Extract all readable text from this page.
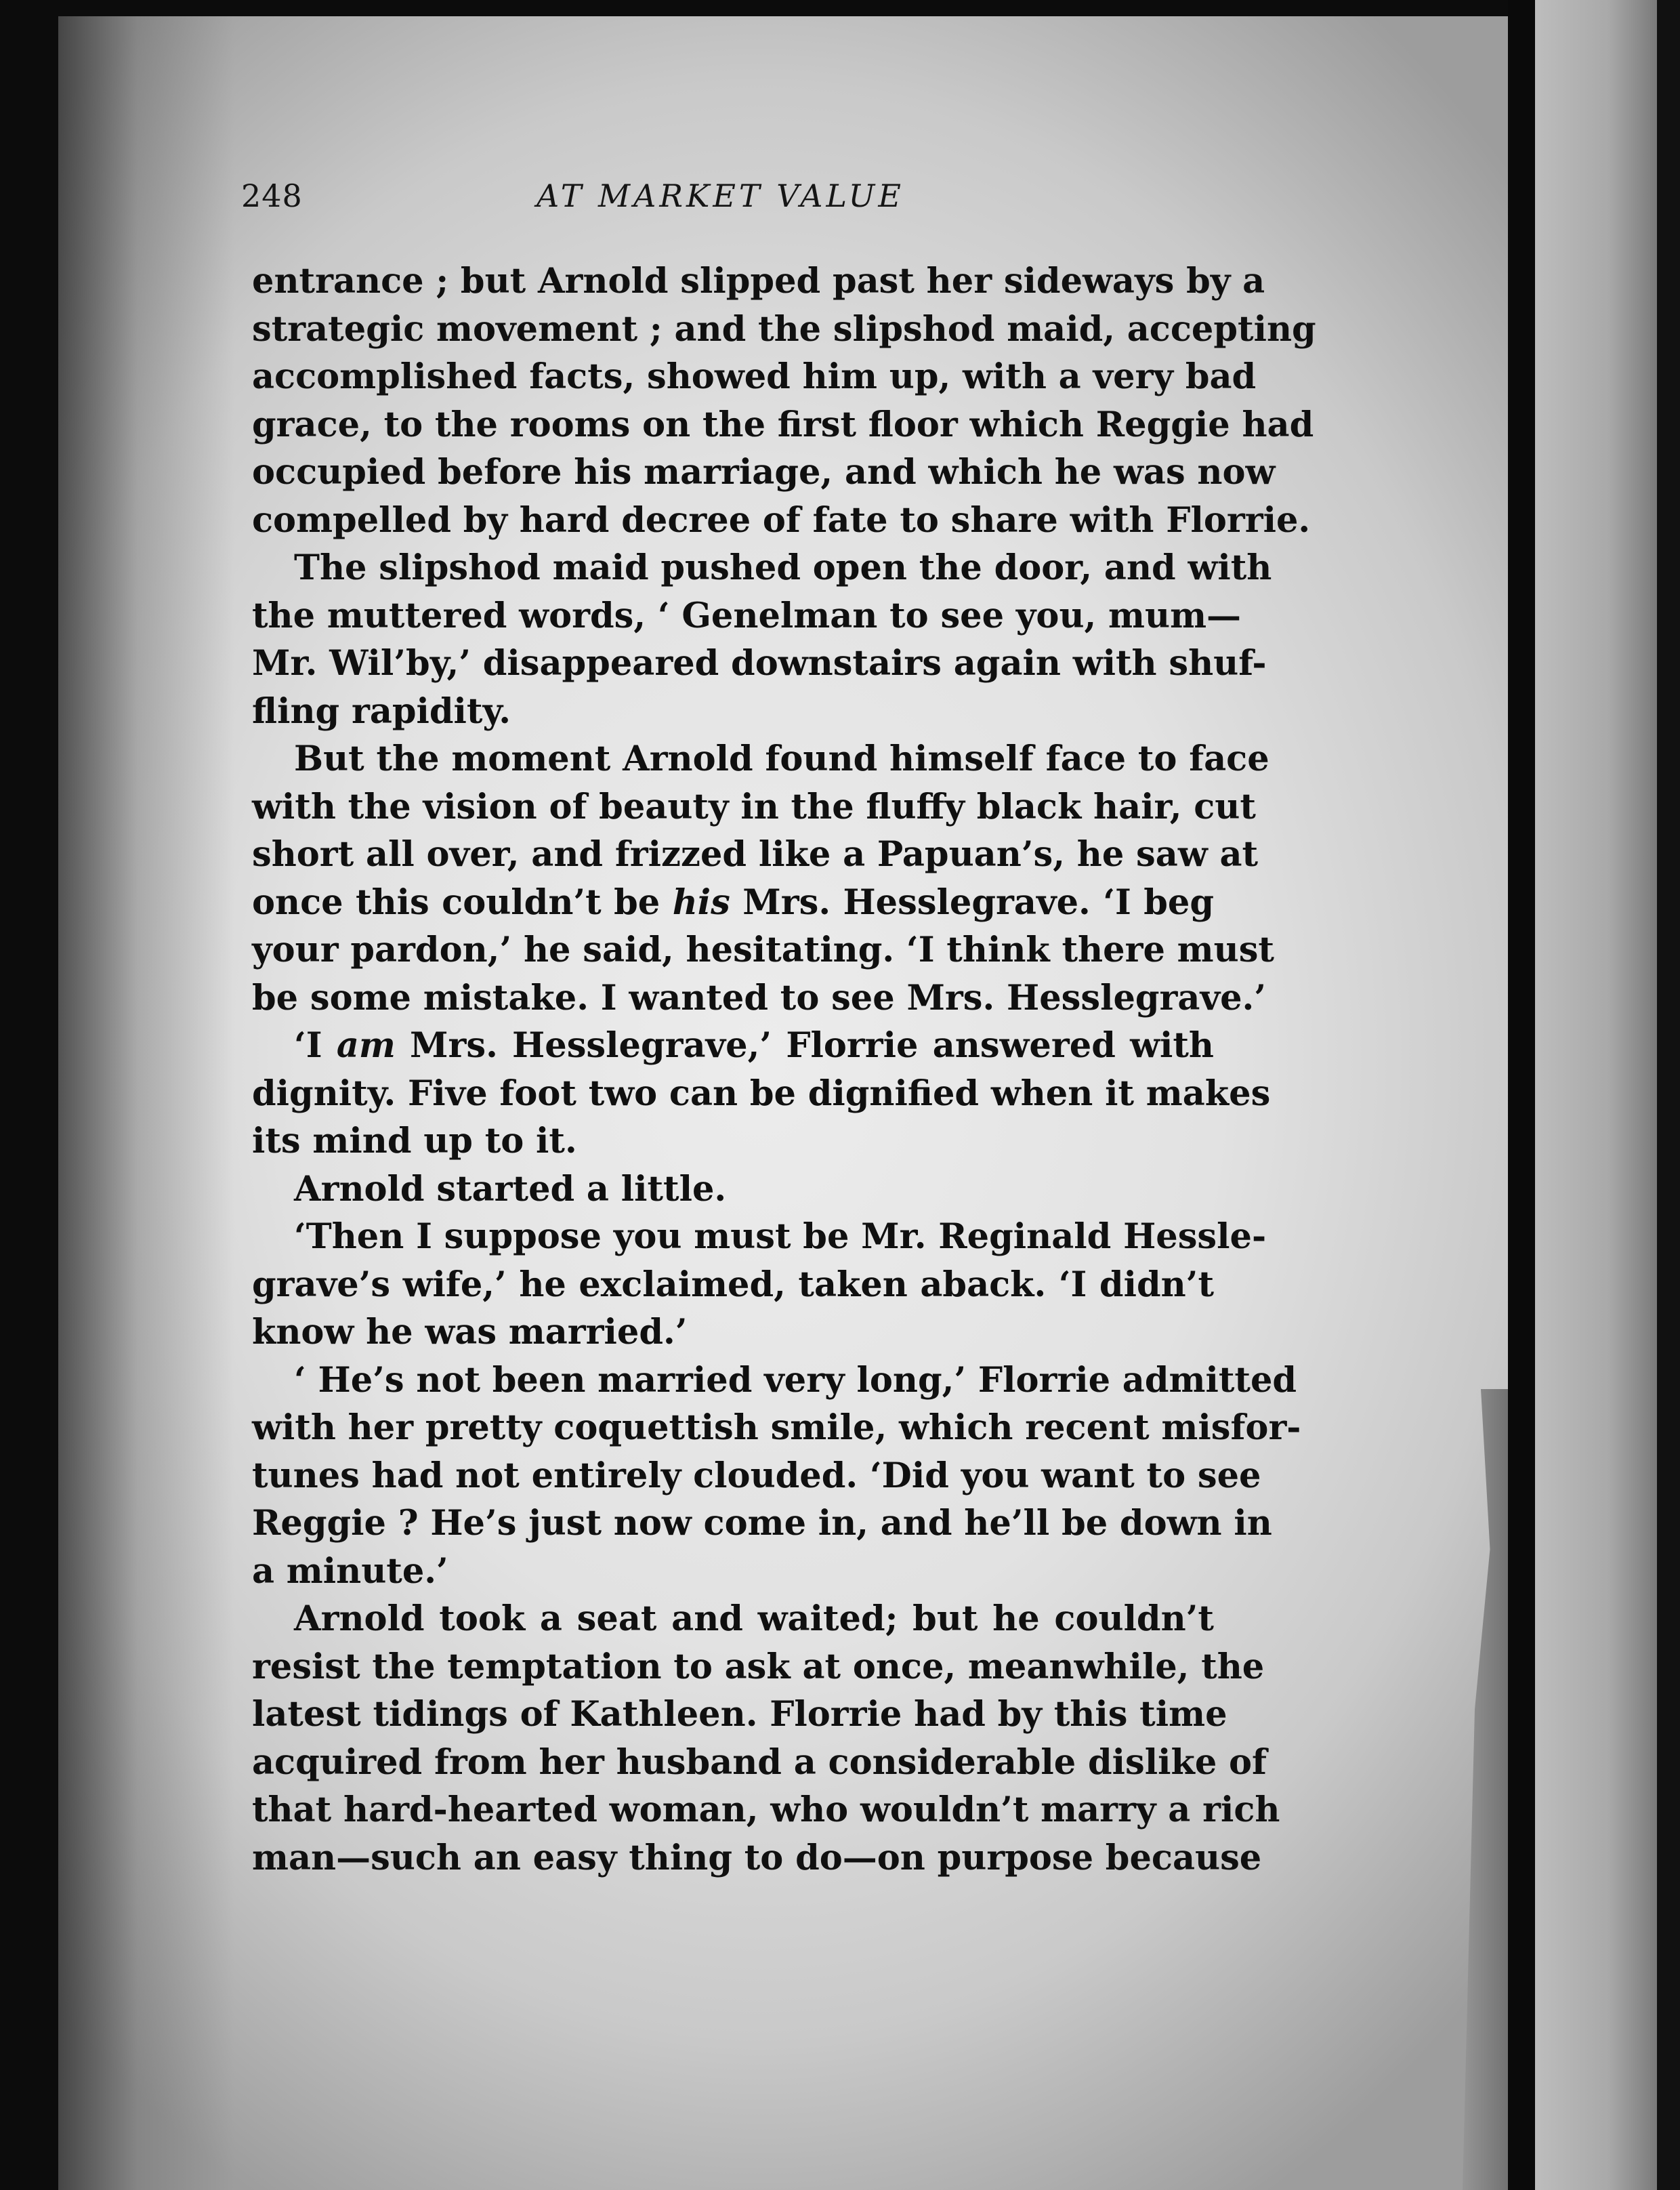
248	AT MARKET VALUE
entrance ; but Arnold slipped past her sideways by a
strategic movement ; and the slipshod maid, accepting
accomplished facts, showed him up, with a very bad
grace, to the rooms on the first floor which Reggie had
occupied before his marriage, and which he was now
compelled by hard decree of fate to share with Florrie.
The slipshod maid pushed open the door, and with
the muttered words, ‘ Genelman to see you, mum—
Mr. Wil’by,’ disappeared downstairs again with shuf-
fling rapidity.
But the moment Arnold found himself face to face
with the vision of beauty in the fluffy black hair, cut
short all over, and frizzed like a Papuan’s, he saw at
once this couldn’t be his Mrs. Hesslegrave. ‘I beg
your pardon,’ he said, hesitating. ‘I think there must
be some mistake. I wanted to see Mrs. Hesslegrave.’
‘I am Mrs. Hesslegrave,’ Florrie answered with
dignity. Five foot two can be dignified when it makes
its mind up to it.
Arnold started a little.
‘Then I suppose you must be Mr. Reginald Hessle-
grave’s wife,’ he exclaimed, taken aback. ‘I didn’t
know he was married.’
‘ He’s not been married very long,’ Florrie admitted
with her pretty coquettish smile, which recent misfor-
tunes had not entirely clouded. ‘Did you want to see
Reggie ? He’s just now come in, and he’ll be down in
a minute.’
Arnold took a seat and waited; but he couldn’t
resist the temptation to ask at once, meanwhile, the
latest tidings of Kathleen. Florrie had by this time
acquired from her husband a considerable dislike of
that hard-hearted woman, who wouldn’t marry a rich
man—such an easy thing to do—on purpose because
